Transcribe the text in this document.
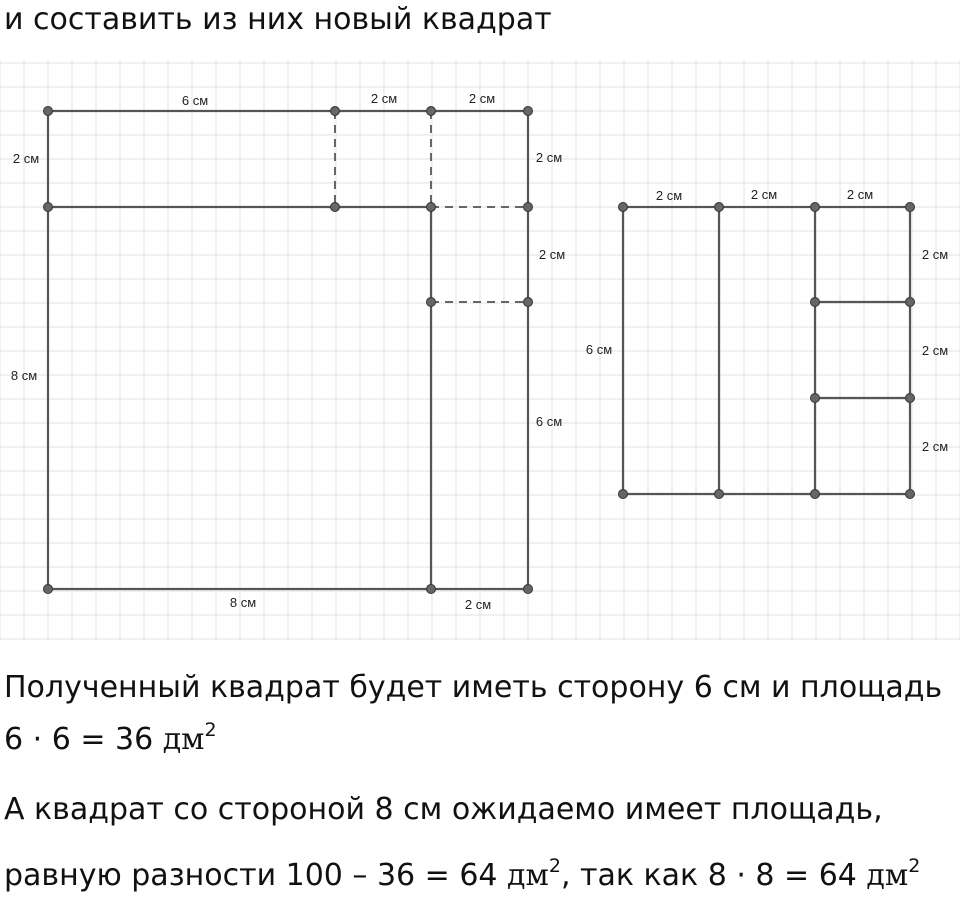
и составить из них новый квадрат
6 см	2 см	2 см
2 см
8 см
2 см
2 см
6 см
8 см	2 см
2 см	2 см	2 см
6 см
2 см
2 см
2 см
Полученный квадрат будет иметь сторону 6 см и площадь
6 · 6 = 36 $дм^2$
А квадрат со стороной 8 см ожидаемо имеет площадь,
равную разности 100 – 36 = 64 $дм^2$, так как 8 · 8 = 64 $дм^2$
